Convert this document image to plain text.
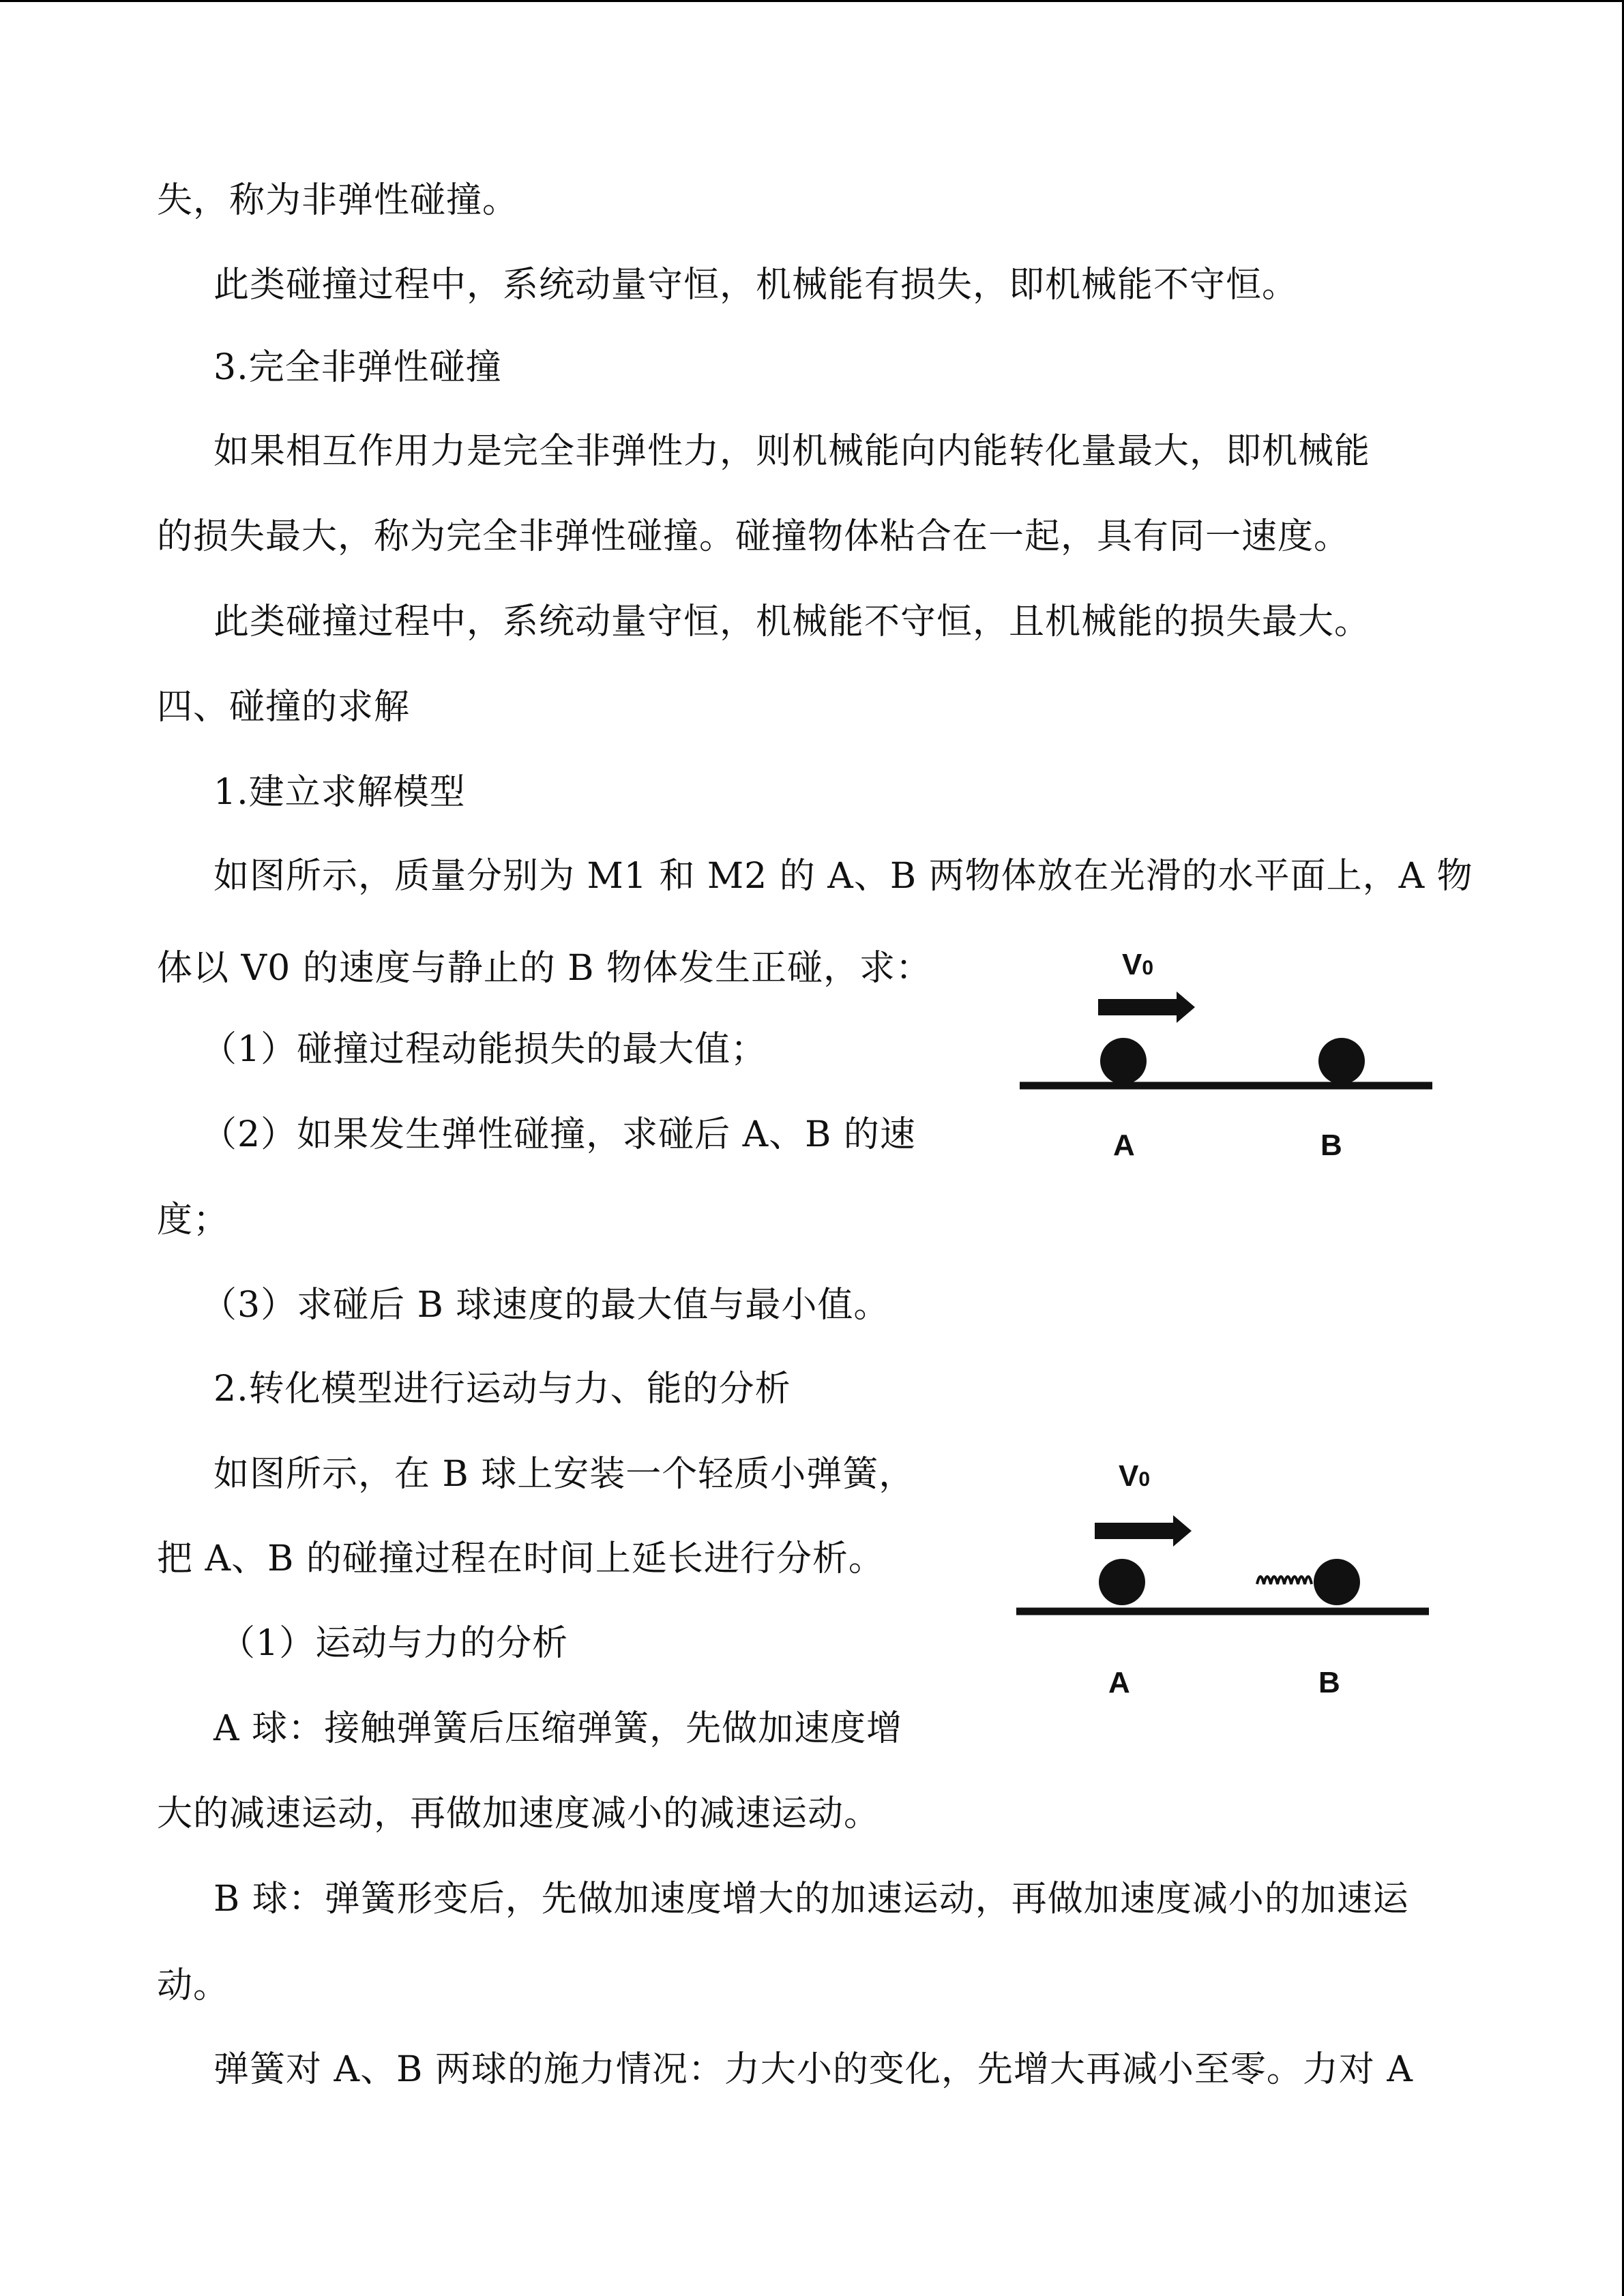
失，称为非弹性碰撞。
此类碰撞过程中，系统动量守恒，机械能有损失，即机械能不守恒。
3.完全非弹性碰撞
如果相互作用力是完全非弹性力，则机械能向内能转化量最大，即机械能
的损失最大，称为完全非弹性碰撞。碰撞物体粘合在一起，具有同一速度。
此类碰撞过程中，系统动量守恒，机械能不守恒，且机械能的损失最大。
四、碰撞的求解
1.建立求解模型
如图所示，质量分别为 M1 和 M2 的 A、B 两物体放在光滑的水平面上，A 物
体以 V0 的速度与静止的 B 物体发生正碰，求：
（1）碰撞过程动能损失的最大值；
（2）如果发生弹性碰撞，求碰后 A、B 的速
度；
（3）求碰后 B 球速度的最大值与最小值。
2.转化模型进行运动与力、能的分析
如图所示，在 B 球上安装一个轻质小弹簧，
把 A、B 的碰撞过程在时间上延长进行分析。
（1）运动与力的分析
A 球：接触弹簧后压缩弹簧，先做加速度增
大的减速运动，再做加速度减小的减速运动。
B 球：弹簧形变后，先做加速度增大的加速运动，再做加速度减小的加速运
动。
弹簧对 A、B 两球的施力情况：力大小的变化，先增大再减小至零。力对 A
V0
A	B
V0
A	B
